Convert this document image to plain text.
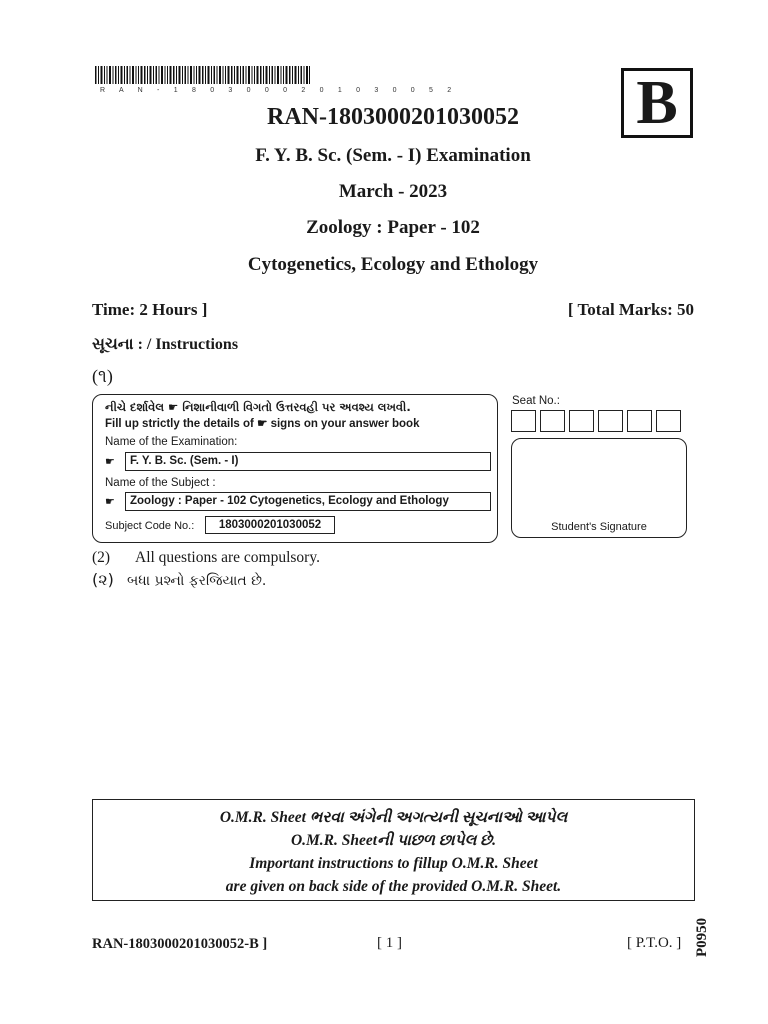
R A N - 1 8 0 3 0 0 0 2 0 1 0 3 0 0 5 2	B
RAN-1803000201030052
F. Y. B. Sc. (Sem. - I) Examination
March - 2023
Zoology : Paper - 102
Cytogenetics, Ecology and Ethology
Time: 2 Hours ]	[ Total Marks: 50
સૂચના : / Instructions
(૧)
નીચે દર્શાવેલ ☛ નિશાનીવાળી વિગતો ઉત્તરવહી પર અવશ્ય લખવી.
Fill up strictly the details of ☛ signs on your answer book
Name of the Examination:
☛	F. Y. B. Sc. (Sem. - I)
Name of the Subject :
☛	Zoology : Paper - 102 Cytogenetics, Ecology and Ethology
Subject Code No.:	1803000201030052
Seat No.:
Student's Signature
(2) All questions are compulsory.
(૨) બધા પ્રશ્નો ફરજિયાત છે.
O.M.R. Sheet ભરવા અંગેની અગત્યની સૂચનાઓ આપેલ
O.M.R. Sheetની પાછળ છાપેલ છે.
Important instructions to fillup O.M.R. Sheet
are given on back side of the provided O.M.R. Sheet.
RAN-1803000201030052-B ]	[ 1 ]	[ P.T.O. ] P0950
